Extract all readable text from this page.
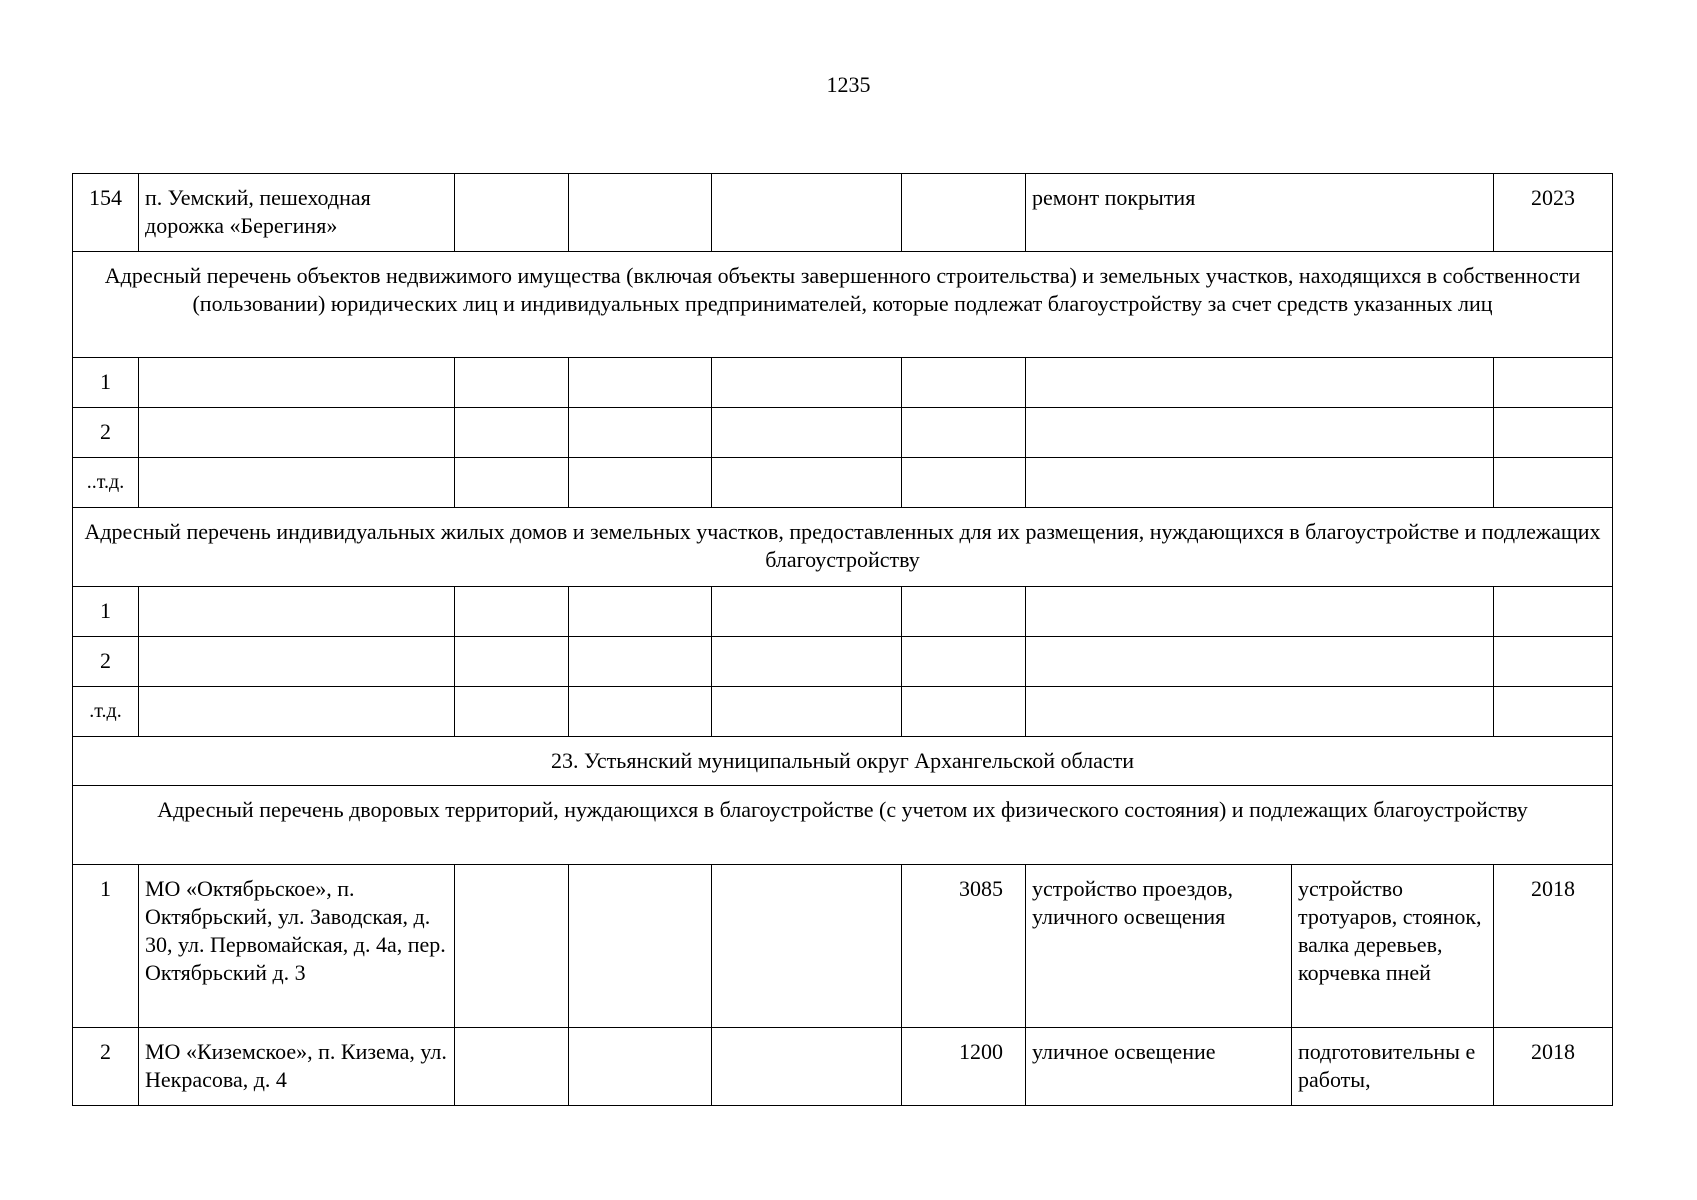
1235
154	п. Уемский, пешеходная дорожка «Берегиня»					ремонт покрытия		2023
Адресный перечень объектов недвижимого имущества (включая объекты завершенного строительства) и земельных участков, находящихся в собственности (пользовании) юридических лиц и индивидуальных предпринимателей, которые подлежат благоустройству за счет средств указанных лиц								
1								
2								
..т.д.								
Адресный перечень индивидуальных жилых домов и земельных участков, предоставленных для их размещения, нуждающихся в благоустройстве и подлежащих благоустройству								
1								
2								
.т.д.								
23. Устьянский муниципальный округ Архангельской области								
Адресный перечень дворовых территорий, нуждающихся в благоустройстве (с учетом их физического состояния) и подлежащих благоустройству								
1	МО «Октябрьское», п. Октябрьский, ул. Заводская, д. 30, ул. Первомайская, д. 4а, пер. Октябрьский д. 3				3085	устройство проездов, уличного освещения	устройство тротуаров, стоянок, валка деревьев, корчевка пней	2018
2	МО «Киземское», п. Кизема, ул. Некрасова, д. 4				1200	уличное освещение	подготовительны е работы,	2018
